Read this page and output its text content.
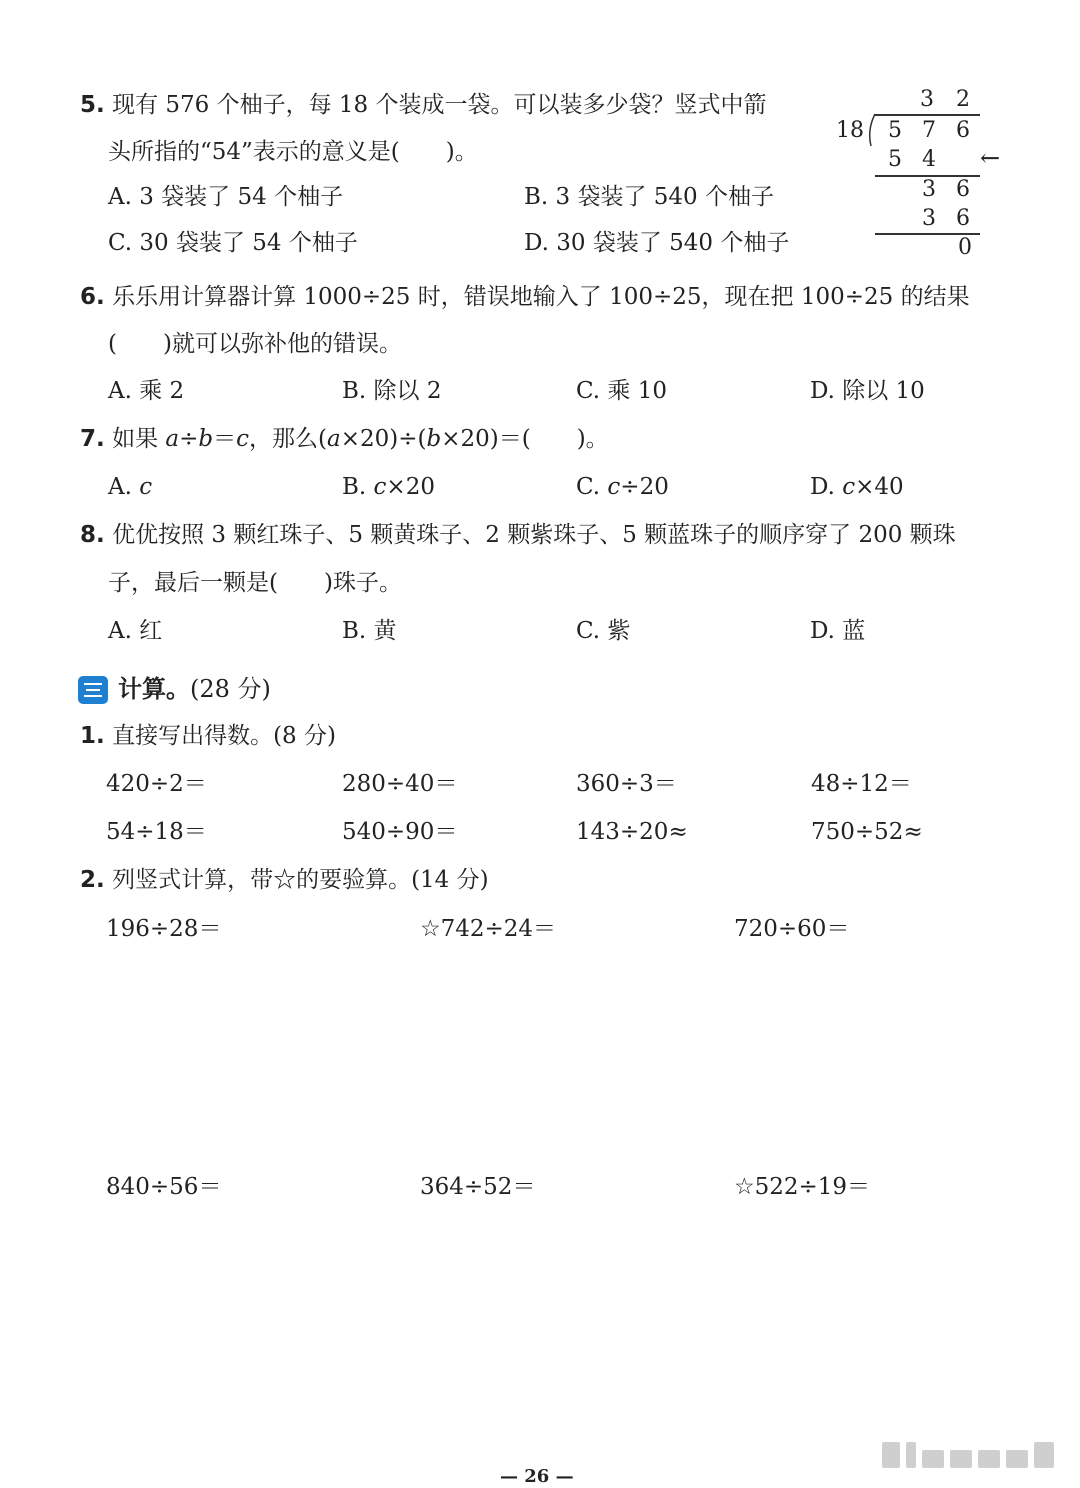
5. 现有 576 个柚子，每 18 个装成一袋。可以装多少袋？竖式中箭
头所指的“54”表示的意义是(　　)。
A. 3 袋装了 54 个柚子	B. 3 袋装了 540 个柚子
C. 30 袋装了 54 个柚子	D. 30 袋装了 540 个柚子
3 2
18 5 7 6
5 4 ←
3 6
3 6
0
6. 乐乐用计算器计算 1000÷25 时，错误地输入了 100÷25，现在把 100÷25 的结果
(　　)就可以弥补他的错误。
A. 乘 2	B. 除以 2	C. 乘 10	D. 除以 10
7. 如果 a÷b＝c，那么(a×20)÷(b×20)＝(　　)。
A. c	B. c×20	C. c÷20	D. c×40
8. 优优按照 3 颗红珠子、5 颗黄珠子、2 颗紫珠子、5 颗蓝珠子的顺序穿了 200 颗珠
子，最后一颗是(　　)珠子。
A. 红	B. 黄	C. 紫	D. 蓝
计算。(28 分)
1. 直接写出得数。(8 分)
420÷2＝	280÷40＝	360÷3＝	48÷12＝
54÷18＝	540÷90＝	143÷20≈	750÷52≈
2. 列竖式计算，带☆的要验算。(14 分)
196÷28＝	☆742÷24＝	720÷60＝
840÷56＝	364÷52＝	☆522÷19＝
— 26 —
